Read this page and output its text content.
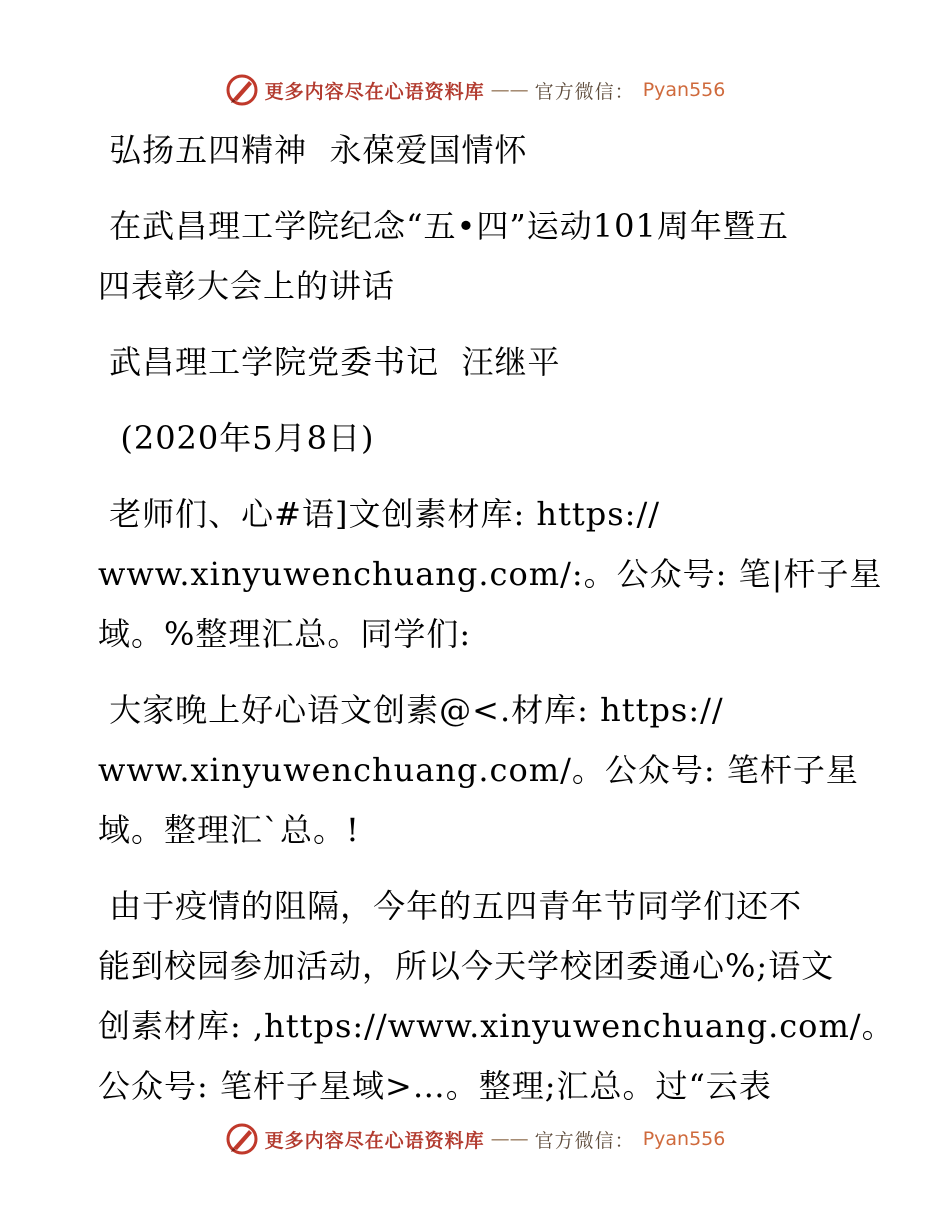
更多内容尽在心语资料库 —— 官方微信： Pyan556
弘扬五四精神  永葆爱国情怀
在武昌理工学院纪念“五•四”运动101周年暨五
四表彰大会上的讲话
武昌理工学院党委书记  汪继平
(2020年5月8日)
老师们、心#语]文创素材库: https://
www.xinyuwenchuang.com/:。公众号: 笔|杆子星
域。%整理汇总。同学们:
大家晚上好心语文创素@<.材库: https://
www.xinyuwenchuang.com/。公众号: 笔杆子星
域。整理汇`总。!
由于疫情的阻隔，今年的五四青年节同学们还不
能到校园参加活动，所以今天学校团委通心%;语文
创素材库: ,https://www.xinyuwenchuang.com/。
公众号: 笔杆子星域>…。整理;汇总。过“云表
更多内容尽在心语资料库 —— 官方微信： Pyan556
